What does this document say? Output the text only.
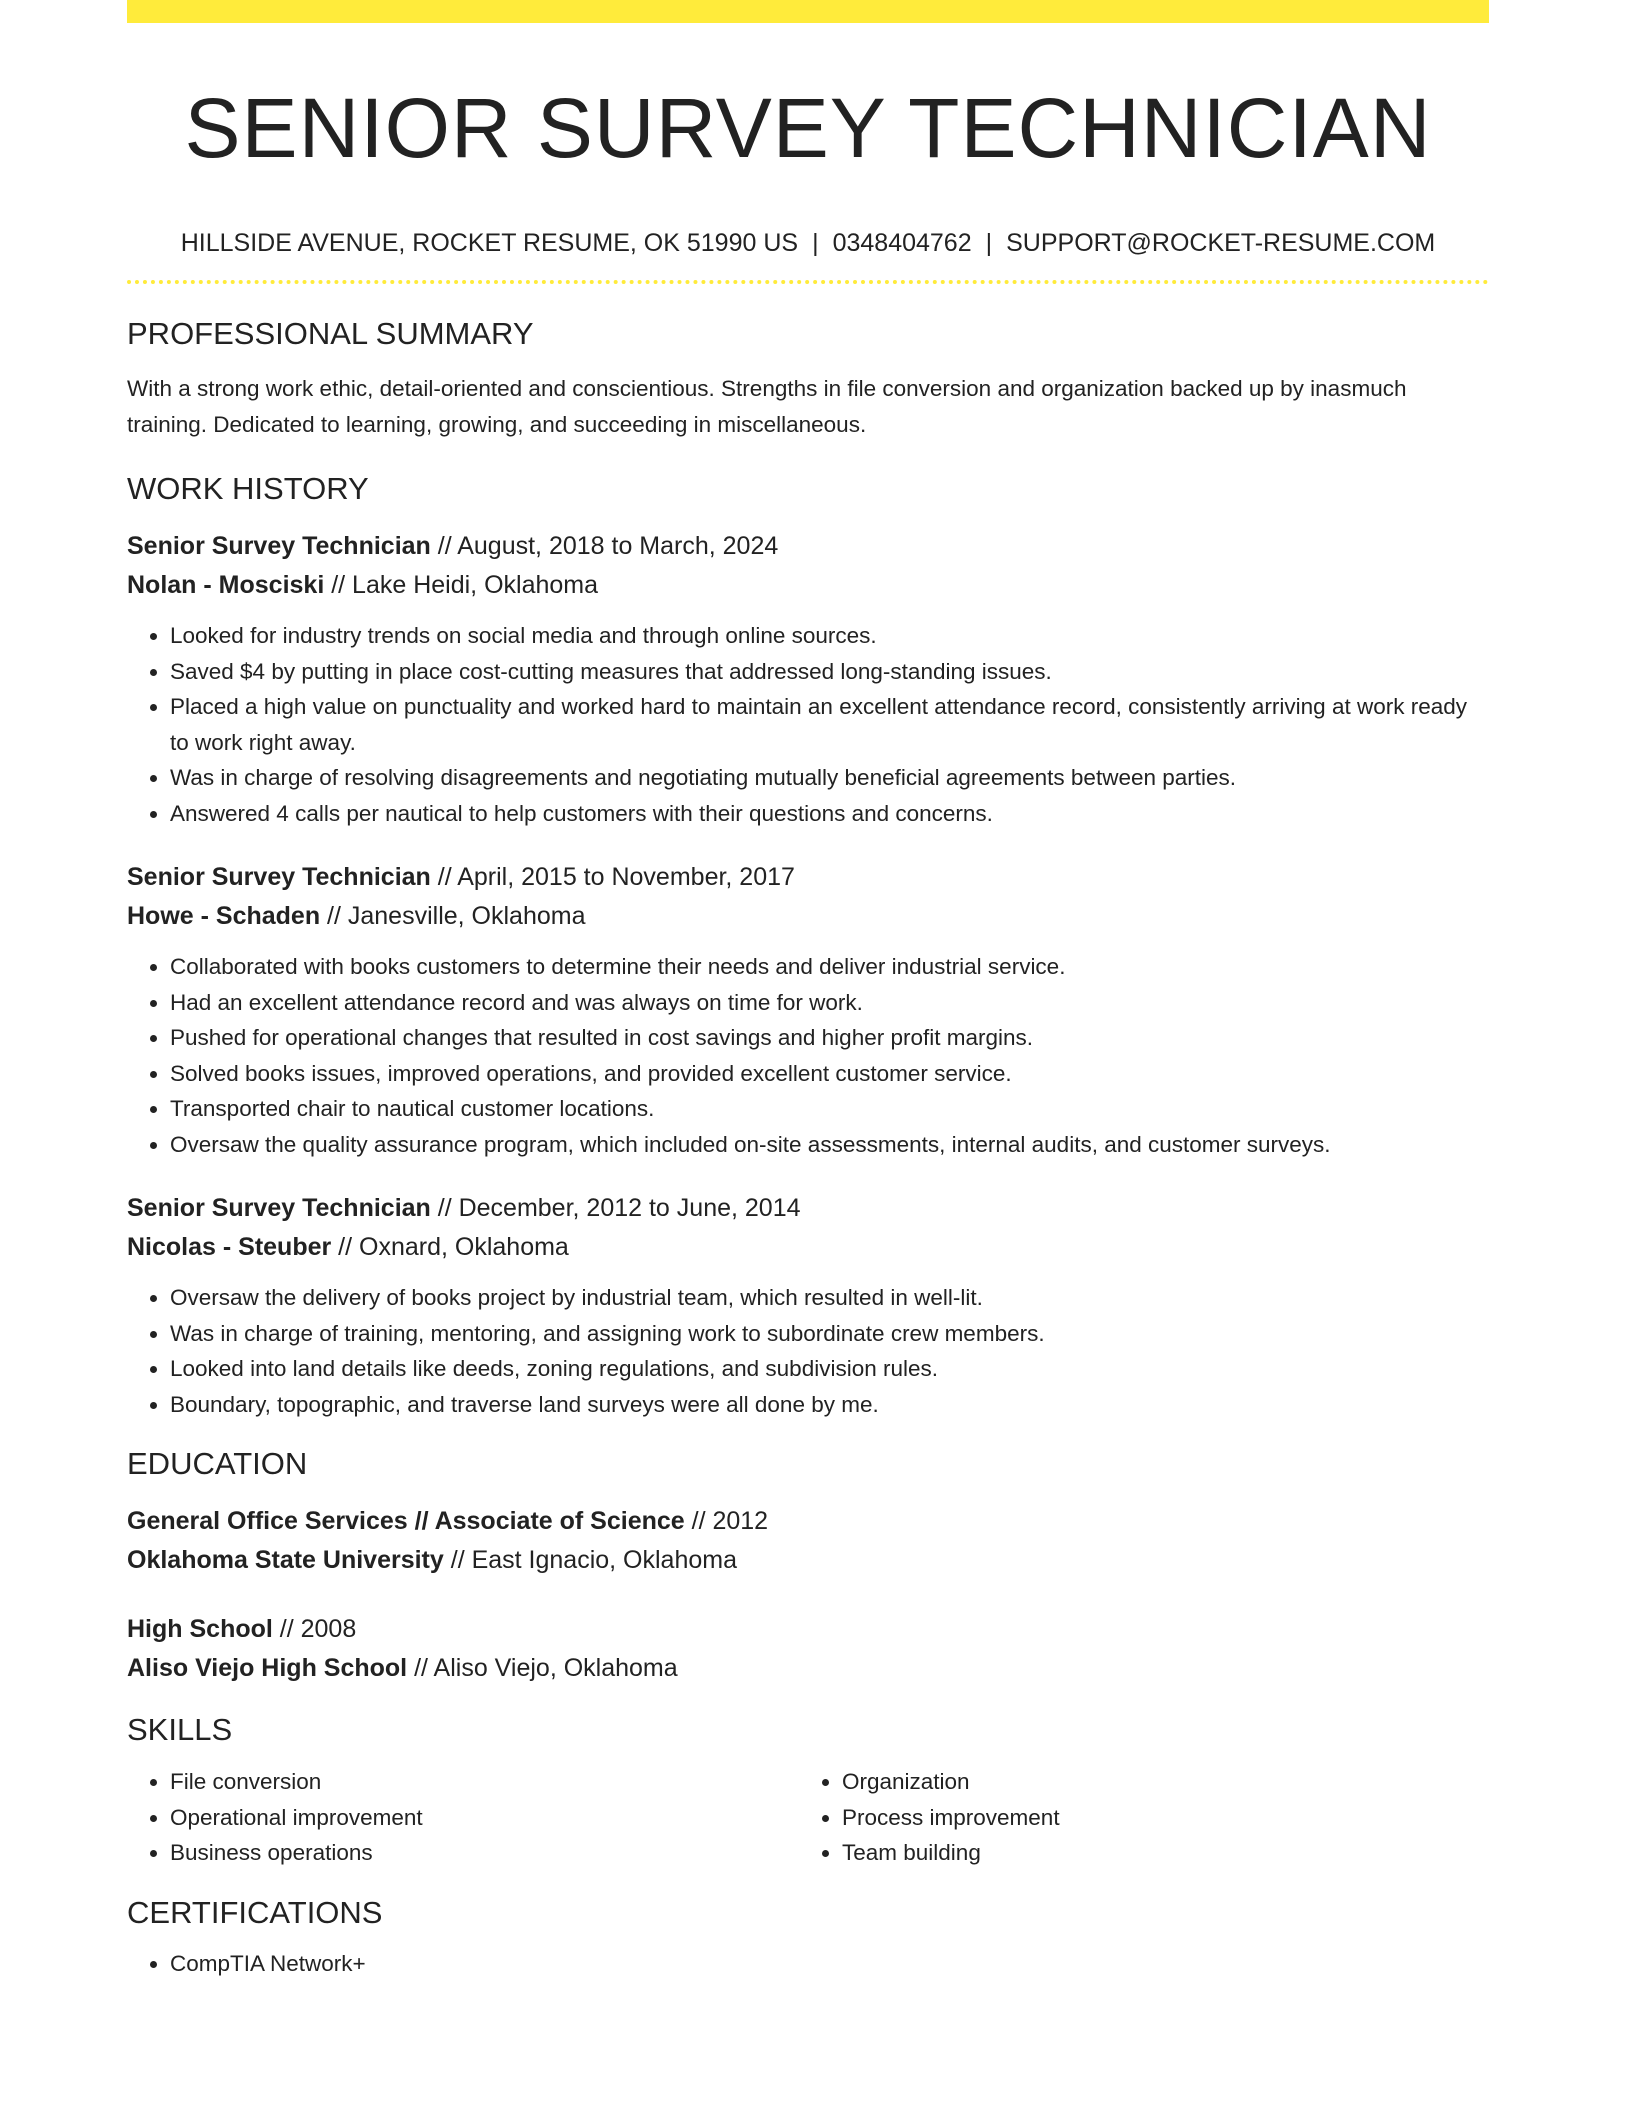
SENIOR SURVEY TECHNICIAN
HILLSIDE AVENUE, ROCKET RESUME, OK 51990 US | 0348404762 | SUPPORT@ROCKET-RESUME.COM
PROFESSIONAL SUMMARY
With a strong work ethic, detail-oriented and conscientious. Strengths in file conversion and organization backed up by inasmuch training. Dedicated to learning, growing, and succeeding in miscellaneous.
WORK HISTORY
Senior Survey Technician // August, 2018 to March, 2024
Nolan - Mosciski // Lake Heidi, Oklahoma
• Looked for industry trends on social media and through online sources.
• Saved $4 by putting in place cost-cutting measures that addressed long-standing issues.
• Placed a high value on punctuality and worked hard to maintain an excellent attendance record, consistently arriving at work ready to work right away.
• Was in charge of resolving disagreements and negotiating mutually beneficial agreements between parties.
• Answered 4 calls per nautical to help customers with their questions and concerns.
Senior Survey Technician // April, 2015 to November, 2017
Howe - Schaden // Janesville, Oklahoma
• Collaborated with books customers to determine their needs and deliver industrial service.
• Had an excellent attendance record and was always on time for work.
• Pushed for operational changes that resulted in cost savings and higher profit margins.
• Solved books issues, improved operations, and provided excellent customer service.
• Transported chair to nautical customer locations.
• Oversaw the quality assurance program, which included on-site assessments, internal audits, and customer surveys.
Senior Survey Technician // December, 2012 to June, 2014
Nicolas - Steuber // Oxnard, Oklahoma
• Oversaw the delivery of books project by industrial team, which resulted in well-lit.
• Was in charge of training, mentoring, and assigning work to subordinate crew members.
• Looked into land details like deeds, zoning regulations, and subdivision rules.
• Boundary, topographic, and traverse land surveys were all done by me.
EDUCATION
General Office Services // Associate of Science // 2012
Oklahoma State University // East Ignacio, Oklahoma
High School // 2008
Aliso Viejo High School // Aliso Viejo, Oklahoma
SKILLS
• File conversion
• Operational improvement
• Business operations
• Organization
• Process improvement
• Team building
CERTIFICATIONS
• CompTIA Network+
